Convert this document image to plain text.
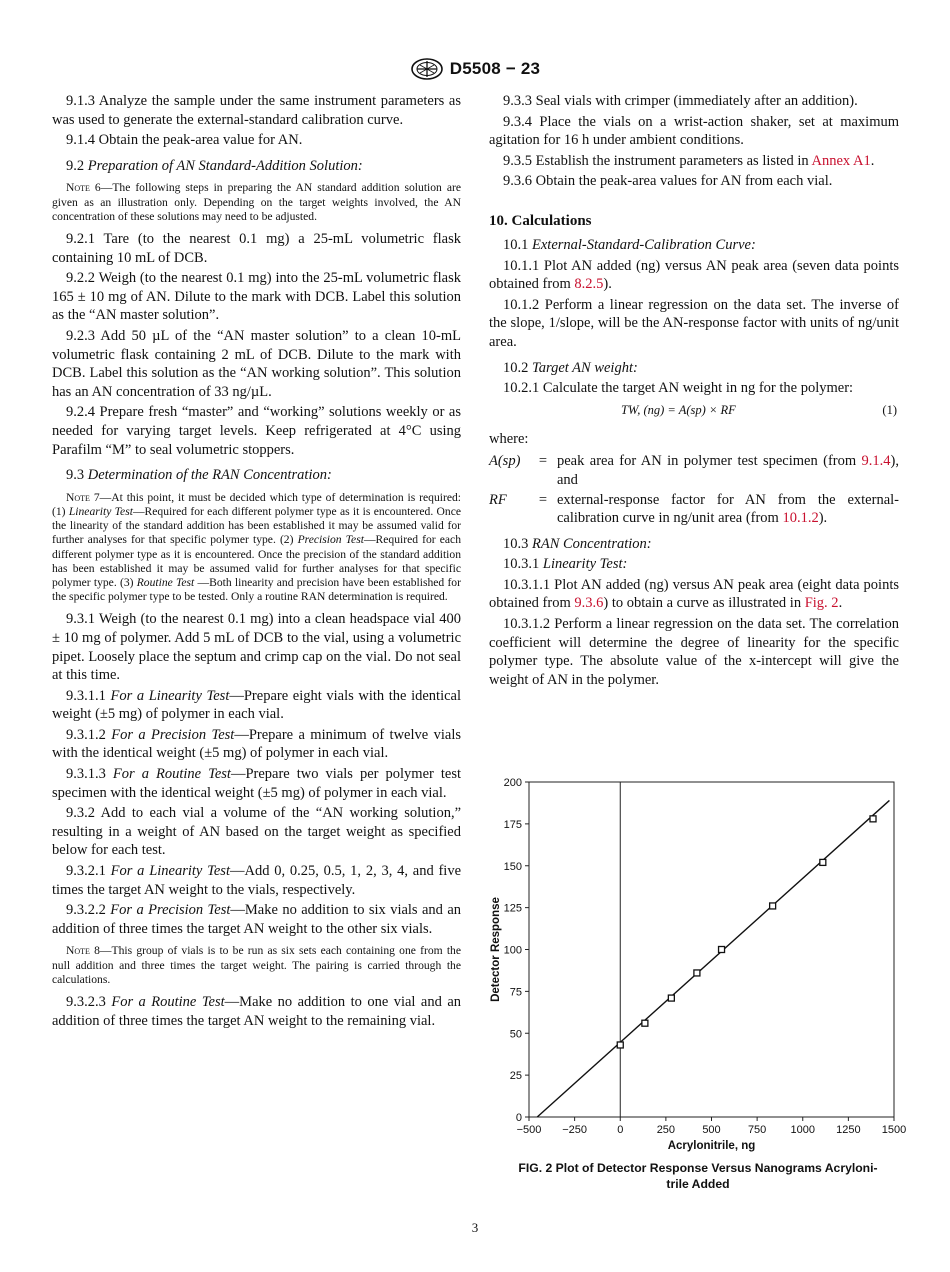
D5508 − 23

9.1.3 Analyze the sample under the same instrument parameters as was used to generate the external-standard calibration curve.

9.1.4 Obtain the peak-area value for AN.

9.2 Preparation of AN Standard-Addition Solution:

Note 6—The following steps in preparing the AN standard addition solution are given as an illustration only. Depending on the target weights involved, the AN concentration of these solutions may need to be adjusted.

9.2.1 Tare (to the nearest 0.1 mg) a 25-mL volumetric flask containing 10 mL of DCB.

9.2.2 Weigh (to the nearest 0.1 mg) into the 25-mL volumetric flask 165 ± 10 mg of AN. Dilute to the mark with DCB. Label this solution as the “AN master solution”.

9.2.3 Add 50 µL of the “AN master solution” to a clean 10-mL volumetric flask containing 2 mL of DCB. Dilute to the mark with DCB. Label this solution as the “AN working solution”. This solution has an AN concentration of 33 ng/µL.

9.2.4 Prepare fresh “master” and “working” solutions weekly or as needed for varying target levels. Keep refrigerated at 4°C using Parafilm “M” to seal volumetric stoppers.

9.3 Determination of the RAN Concentration:

Note 7—At this point, it must be decided which type of determination is required: (1) Linearity Test—Required for each different polymer type as it is encountered. Once the linearity of the standard addition has been established it may be assumed valid for further analyses for that specific polymer type. (2) Precision Test—Required for each different polymer type as it is encountered. Once the precision of the standard addition has been established it may be assumed valid for further analyses for that specific polymer type. (3) Routine Test —Both linearity and precision have been established for the specific polymer type to be tested. Only a routine RAN determination is required.

9.3.1 Weigh (to the nearest 0.1 mg) into a clean headspace vial 400 ± 10 mg of polymer. Add 5 mL of DCB to the vial, using a volumetric pipet. Loosely place the septum and crimp cap on the vial. Do not seal at this time.

9.3.1.1 For a Linearity Test—Prepare eight vials with the identical weight (±5 mg) of polymer in each vial.

9.3.1.2 For a Precision Test—Prepare a minimum of twelve vials with the identical weight (±5 mg) of polymer in each vial.

9.3.1.3 For a Routine Test—Prepare two vials per polymer test specimen with the identical weight (±5 mg) of polymer in each vial.

9.3.2 Add to each vial a volume of the “AN working solution,” resulting in a weight of AN based on the target weight as specified below for each test.

9.3.2.1 For a Linearity Test—Add 0, 0.25, 0.5, 1, 2, 3, 4, and five times the target AN weight to the vials, respectively.

9.3.2.2 For a Precision Test—Make no addition to six vials and an addition of three times the target AN weight to the other six vials.

Note 8—This group of vials is to be run as six sets each containing one from the null addition and three times the target weight. The pairing is carried through the calculations.

9.3.2.3 For a Routine Test—Make no addition to one vial and an addition of three times the target AN weight to the remaining vial.

9.3.3 Seal vials with crimper (immediately after an addition).

9.3.4 Place the vials on a wrist-action shaker, set at maximum agitation for 16 h under ambient conditions.

9.3.5 Establish the instrument parameters as listed in Annex A1.

9.3.6 Obtain the peak-area values for AN from each vial.

10. Calculations

10.1 External-Standard-Calibration Curve:

10.1.1 Plot AN added (ng) versus AN peak area (seven data points obtained from 8.2.5).

10.1.2 Perform a linear regression on the data set. The inverse of the slope, 1/slope, will be the AN-response factor with units of ng/unit area.

10.2 Target AN weight:

10.2.1 Calculate the target AN weight in ng for the polymer:

TW, (ng) = A(sp) × RF	(1)
where:
A(sp)	= peak area for AN in polymer test specimen (from 9.1.4), and
RF	= external-response factor for AN from the external-calibration curve in ng/unit area (from 10.1.2).

10.3 RAN Concentration:

10.3.1 Linearity Test:

10.3.1.1 Plot AN added (ng) versus AN peak area (eight data points obtained from 9.3.6) to obtain a curve as illustrated in Fig. 2.

10.3.1.2 Perform a linear regression on the data set. The correlation coefficient will determine the degree of linearity for the specific polymer type. The absolute value of the x-intercept will give the weight of AN in the polymer.

−500 −250	0	250 500 750 1000 1250 1500
0
25
50
75
100
125
150
175
200
Acrylonitrile, ng
Detector Response
FIG. 2 Plot of Detector Response Versus Nanograms Acryloni-
trile Added
3
